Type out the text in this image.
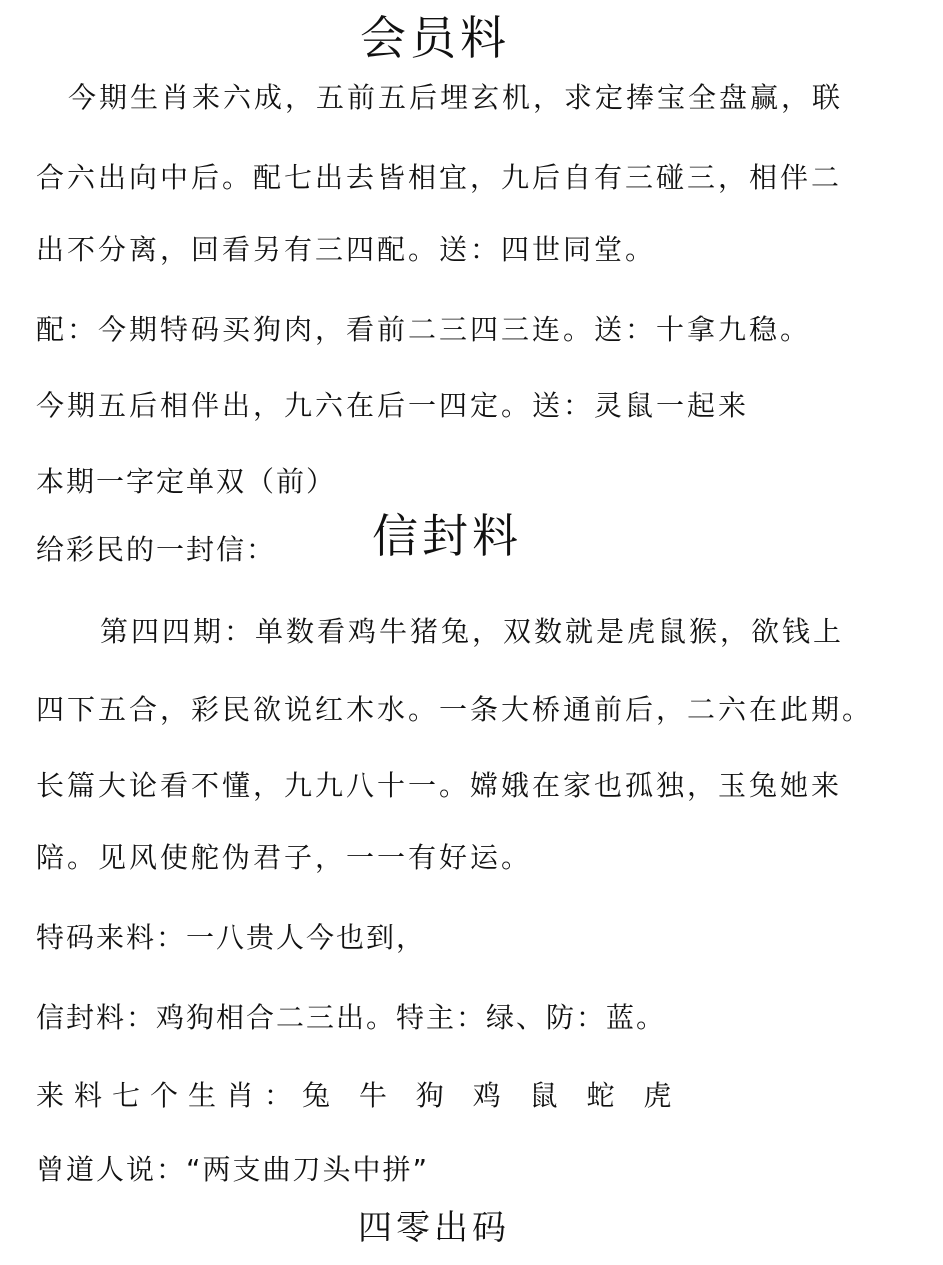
会员料
今期生肖来六成，五前五后埋玄机，求定捧宝全盘赢，联
合六出向中后。配七出去皆相宜，九后自有三碰三，相伴二
出不分离，回看另有三四配。送：四世同堂。
配：今期特码买狗肉，看前二三四三连。送：十拿九稳。
今期五后相伴出，九六在后一四定。送：灵鼠一起来
本期一字定单双（前）
给彩民的一封信： 信封料
第四四期：单数看鸡牛猪兔，双数就是虎鼠猴，欲钱上
四下五合，彩民欲说红木水。一条大桥通前后，二六在此期。
长篇大论看不懂，九九八十一。嫦娥在家也孤独，玉兔她来
陪。见风使舵伪君子，一一有好运。
特码来料：一八贵人今也到，
信封料：鸡狗相合二三出。特主：绿、防：蓝。
来料七个生肖：兔 牛 狗 鸡 鼠 蛇 虎
曾道人说：“两支曲刀头中拼”
四零出码
